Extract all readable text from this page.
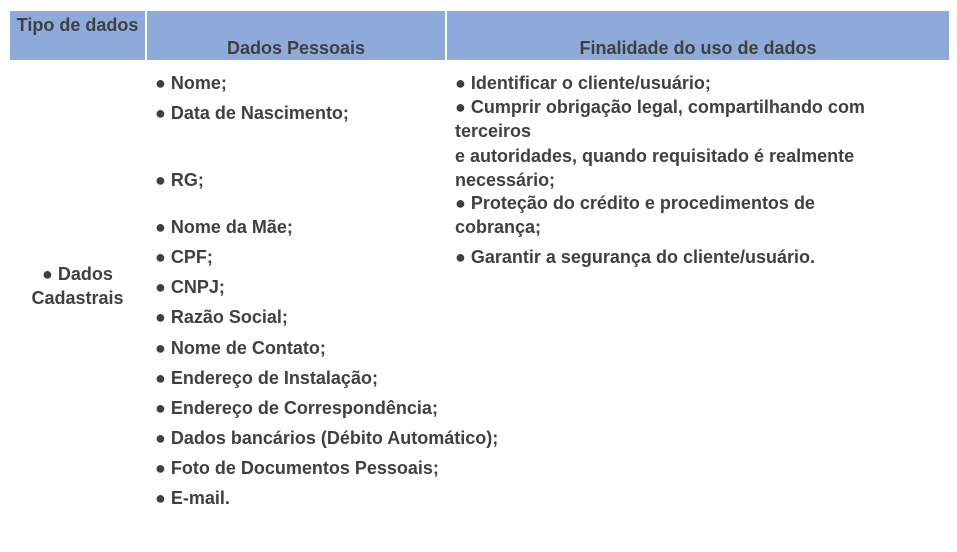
Tipo de dados
Dados Pessoais	Finalidade do uso de dados
● Dados
Cadastrais
● Nome;
● Data de Nascimento;
● RG;
● Nome da Mãe;
● CPF;
● CNPJ;
● Razão Social;
● Nome de Contato;
● Endereço de Instalação;
● Endereço de Correspondência;
● Dados bancários (Débito Automático);
● Foto de Documentos Pessoais;
● E-mail.
● Identificar o cliente/usuário;
● Cumprir obrigação legal, compartilhando com
terceiros
e autoridades, quando requisitado é realmente
necessário;
● Proteção do crédito e procedimentos de
cobrança;
● Garantir a segurança do cliente/usuário.
